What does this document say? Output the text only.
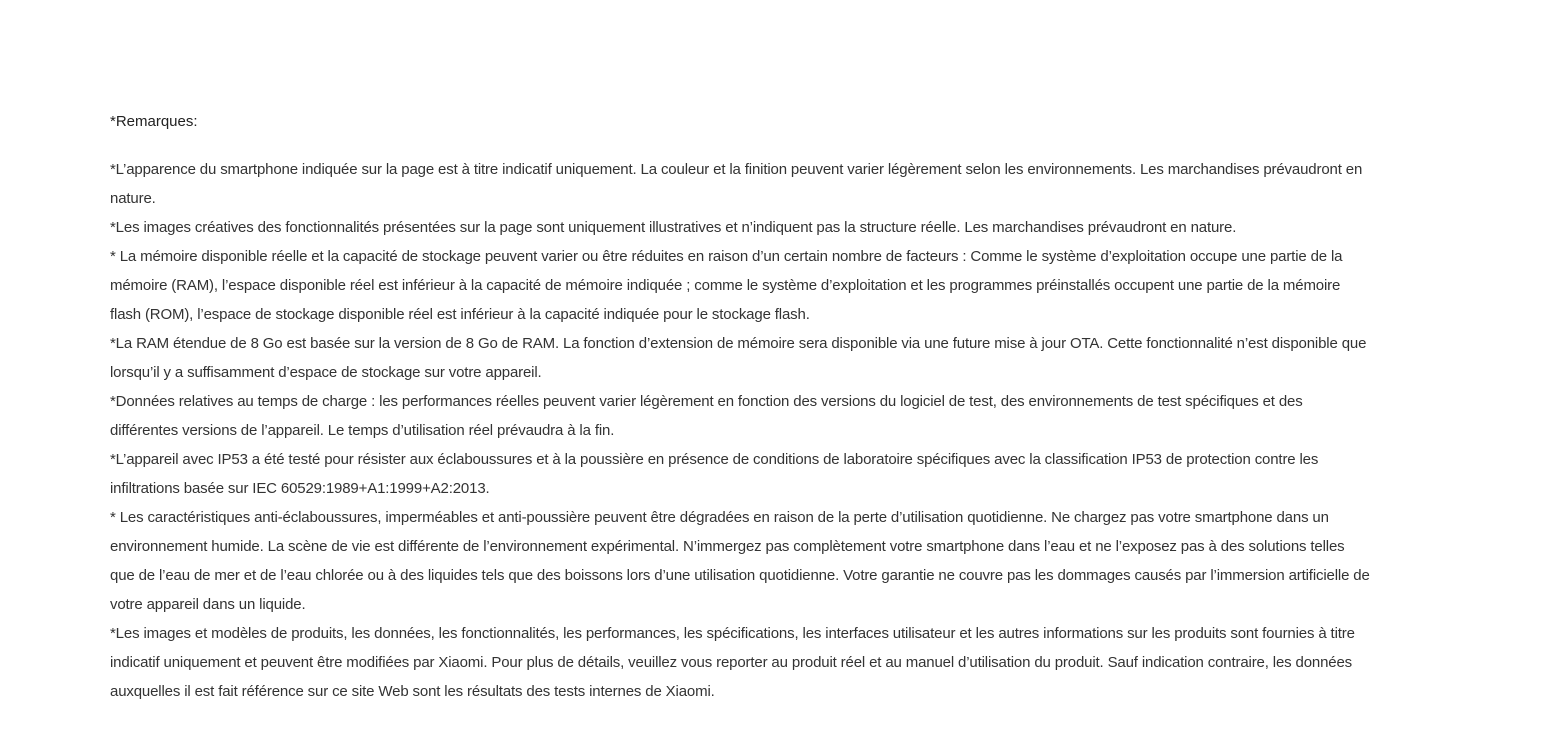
*Remarques:

*L’apparence du smartphone indiquée sur la page est à titre indicatif uniquement. La couleur et la finition peuvent varier légèrement selon les environnements. Les marchandises prévaudront en nature.

*Les images créatives des fonctionnalités présentées sur la page sont uniquement illustratives et n’indiquent pas la structure réelle. Les marchandises prévaudront en nature.

* La mémoire disponible réelle et la capacité de stockage peuvent varier ou être réduites en raison d’un certain nombre de facteurs : Comme le système d’exploitation occupe une partie de la mémoire (RAM), l’espace disponible réel est inférieur à la capacité de mémoire indiquée ; comme le système d’exploitation et les programmes préinstallés occupent une partie de la mémoire flash (ROM), l’espace de stockage disponible réel est inférieur à la capacité indiquée pour le stockage flash.

*La RAM étendue de 8 Go est basée sur la version de 8 Go de RAM. La fonction d’extension de mémoire sera disponible via une future mise à jour OTA. Cette fonctionnalité n’est disponible que lorsqu’il y a suffisamment d’espace de stockage sur votre appareil.

*Données relatives au temps de charge : les performances réelles peuvent varier légèrement en fonction des versions du logiciel de test, des environnements de test spécifiques et des différentes versions de l’appareil. Le temps d’utilisation réel prévaudra à la fin.

*L’appareil avec IP53 a été testé pour résister aux éclaboussures et à la poussière en présence de conditions de laboratoire spécifiques avec la classification IP53 de protection contre les infiltrations basée sur IEC 60529:1989+A1:1999+A2:2013.

* Les caractéristiques anti-éclaboussures, imperméables et anti-poussière peuvent être dégradées en raison de la perte d’utilisation quotidienne. Ne chargez pas votre smartphone dans un environnement humide. La scène de vie est différente de l’environnement expérimental. N’immergez pas complètement votre smartphone dans l’eau et ne l’exposez pas à des solutions telles que de l’eau de mer et de l’eau chlorée ou à des liquides tels que des boissons lors d’une utilisation quotidienne. Votre garantie ne couvre pas les dommages causés par l’immersion artificielle de votre appareil dans un liquide.

*Les images et modèles de produits, les données, les fonctionnalités, les performances, les spécifications, les interfaces utilisateur et les autres informations sur les produits sont fournies à titre indicatif uniquement et peuvent être modifiées par Xiaomi. Pour plus de détails, veuillez vous reporter au produit réel et au manuel d’utilisation du produit. Sauf indication contraire, les données auxquelles il est fait référence sur ce site Web sont les résultats des tests internes de Xiaomi.
